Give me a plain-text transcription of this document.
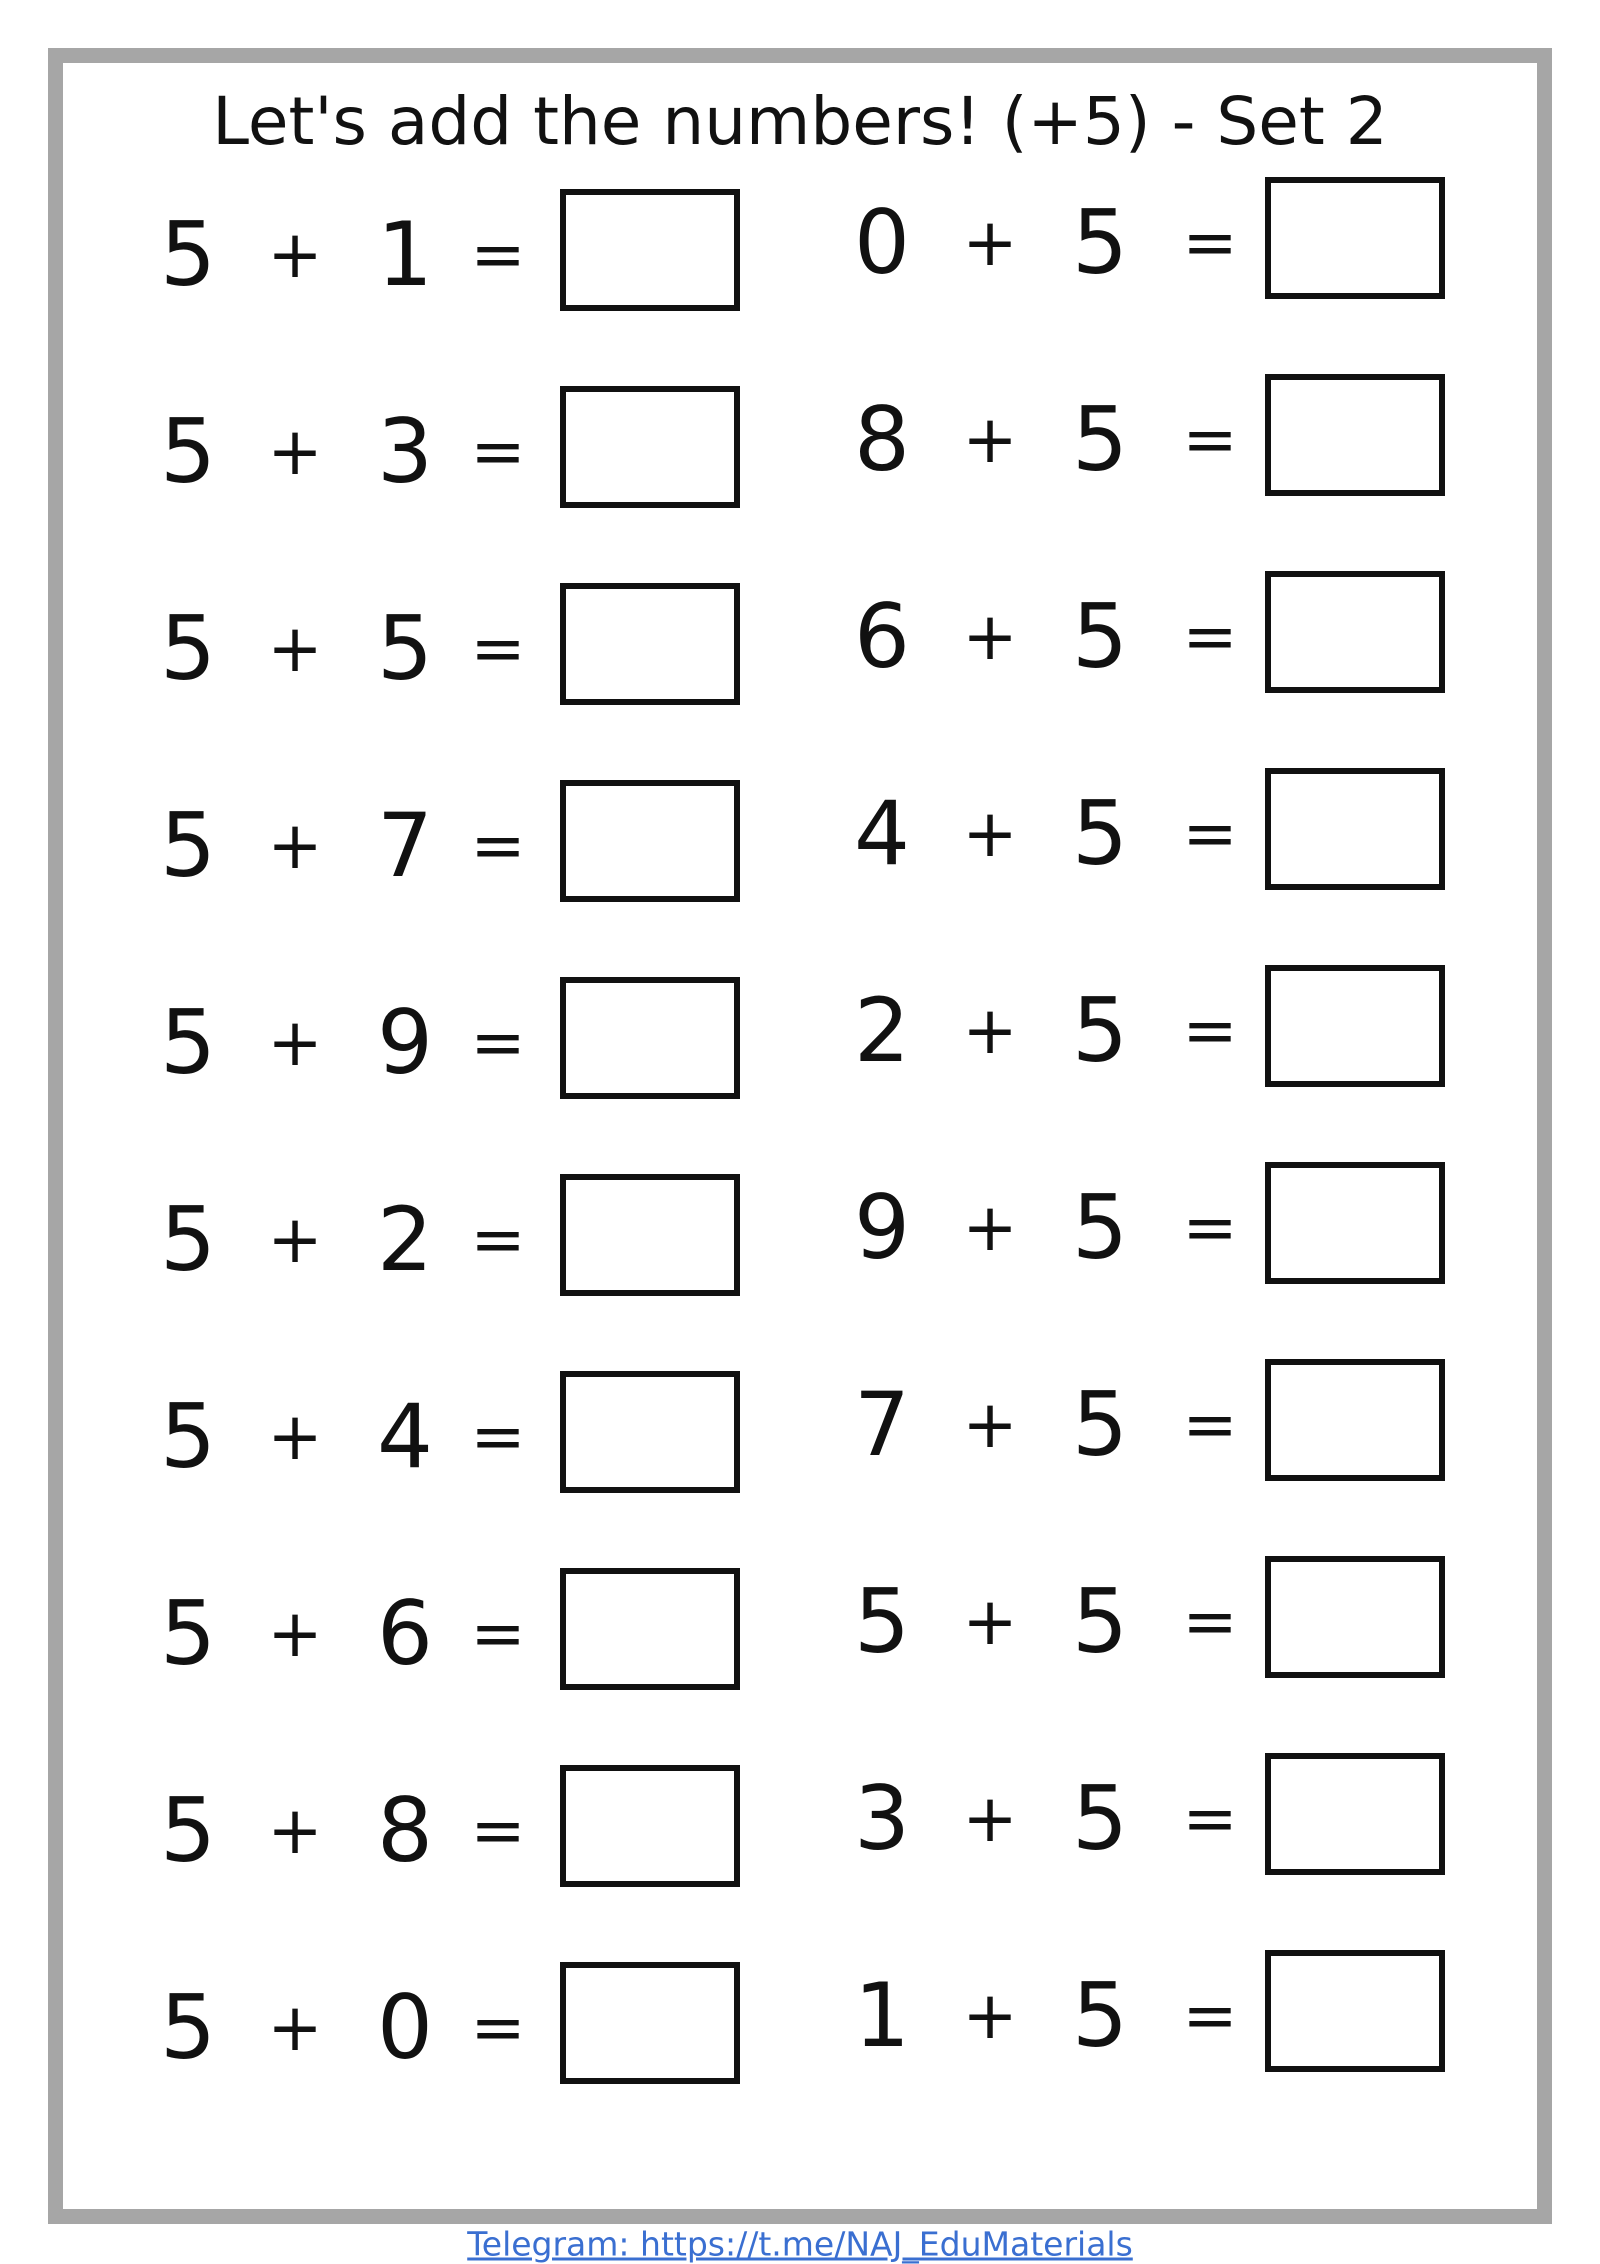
Let's add the numbers! (+5) - Set 2
5 + 1 =
5 + 3 =
5 + 5 =
5 + 7 =
5 + 9 =
5 + 2 =
5 + 4 =
5 + 6 =
5 + 8 =
5 + 0 =
0 + 5 =
8 + 5 =
6 + 5 =
4 + 5 =
2 + 5 =
9 + 5 =
7 + 5 =
5 + 5 =
3 + 5 =
1 + 5 =
Telegram: https://t.me/NAJ_EduMaterials
